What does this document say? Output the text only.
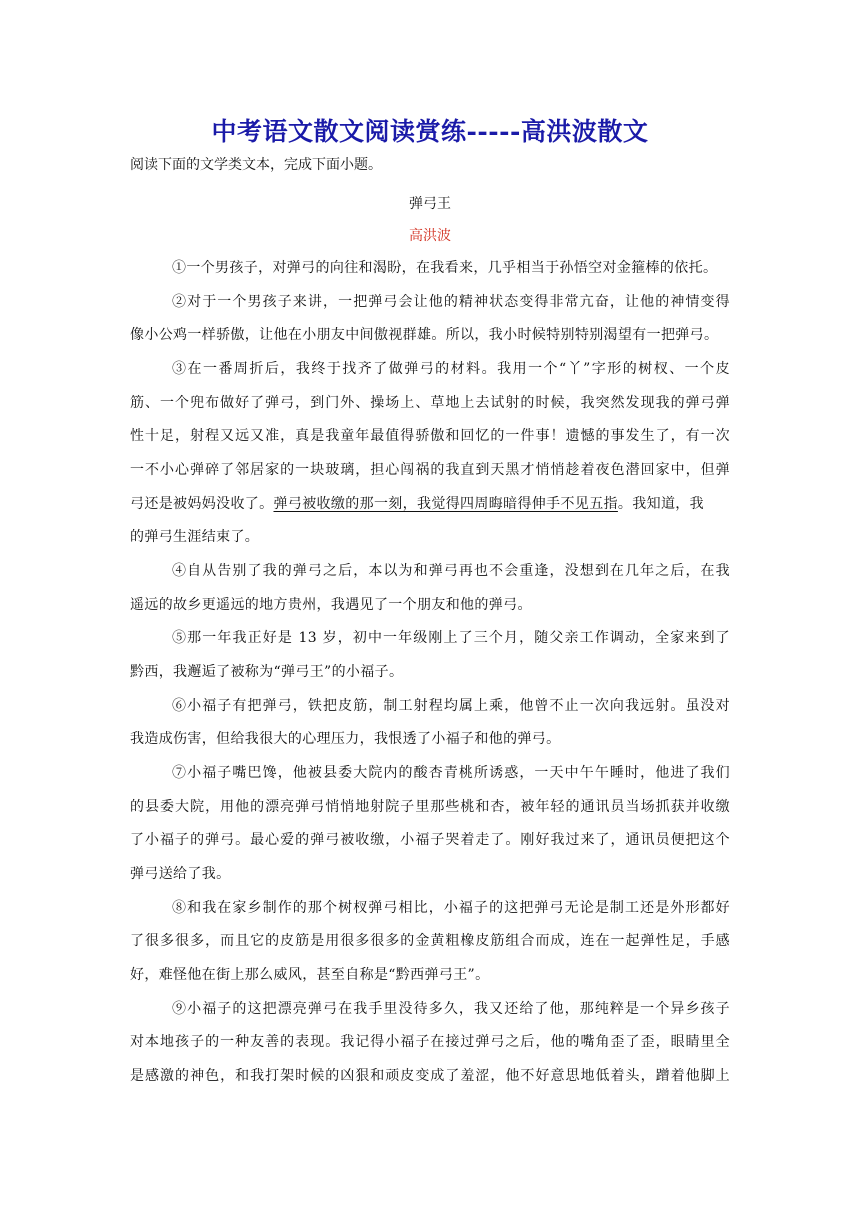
中考语文散文阅读赏练-----高洪波散文
阅读下面的文学类文本，完成下面小题。
弹弓王
高洪波
①一个男孩子，对弹弓的向往和渴盼，在我看来，几乎相当于孙悟空对金箍棒的依托。
②对于一个男孩子来讲，一把弹弓会让他的精神状态变得非常亢奋，让他的神情变得
像小公鸡一样骄傲，让他在小朋友中间傲视群雄。所以，我小时候特别特别渴望有一把弹弓。
③在一番周折后，我终于找齐了做弹弓的材料。我用一个“丫”字形的树杈、一个皮
筋、一个兜布做好了弹弓，到门外、操场上、草地上去试射的时候，我突然发现我的弹弓弹
性十足，射程又远又准，真是我童年最值得骄傲和回忆的一件事！遗憾的事发生了，有一次
一不小心弹碎了邻居家的一块玻璃，担心闯祸的我直到天黑才悄悄趁着夜色潜回家中，但弹
弓还是被妈妈没收了。弹弓被收缴的那一刻，我觉得四周晦暗得伸手不见五指。我知道，我
的弹弓生涯结束了。
④自从告别了我的弹弓之后，本以为和弹弓再也不会重逢，没想到在几年之后，在我
遥远的故乡更遥远的地方贵州，我遇见了一个朋友和他的弹弓。
⑤那一年我正好是 13 岁，初中一年级刚上了三个月，随父亲工作调动，全家来到了
黔西，我邂逅了被称为“弹弓王”的小福子。
⑥小福子有把弹弓，铁把皮筋，制工射程均属上乘，他曾不止一次向我远射。虽没对
我造成伤害，但给我很大的心理压力，我恨透了小福子和他的弹弓。
⑦小福子嘴巴馋，他被县委大院内的酸杏青桃所诱惑，一天中午午睡时，他进了我们
的县委大院，用他的漂亮弹弓悄悄地射院子里那些桃和杏，被年轻的通讯员当场抓获并收缴
了小福子的弹弓。最心爱的弹弓被收缴，小福子哭着走了。刚好我过来了，通讯员便把这个
弹弓送给了我。
⑧和我在家乡制作的那个树杈弹弓相比，小福子的这把弹弓无论是制工还是外形都好
了很多很多，而且它的皮筋是用很多很多的金黄粗橡皮筋组合而成，连在一起弹性足，手感
好，难怪他在街上那么威风，甚至自称是“黔西弹弓王”。
⑨小福子的这把漂亮弹弓在我手里没待多久，我又还给了他，那纯粹是一个异乡孩子
对本地孩子的一种友善的表现。我记得小福子在接过弹弓之后，他的嘴角歪了歪，眼睛里全
是感激的神色，和我打架时候的凶狠和顽皮变成了羞涩，他不好意思地低着头，蹭着他脚上
